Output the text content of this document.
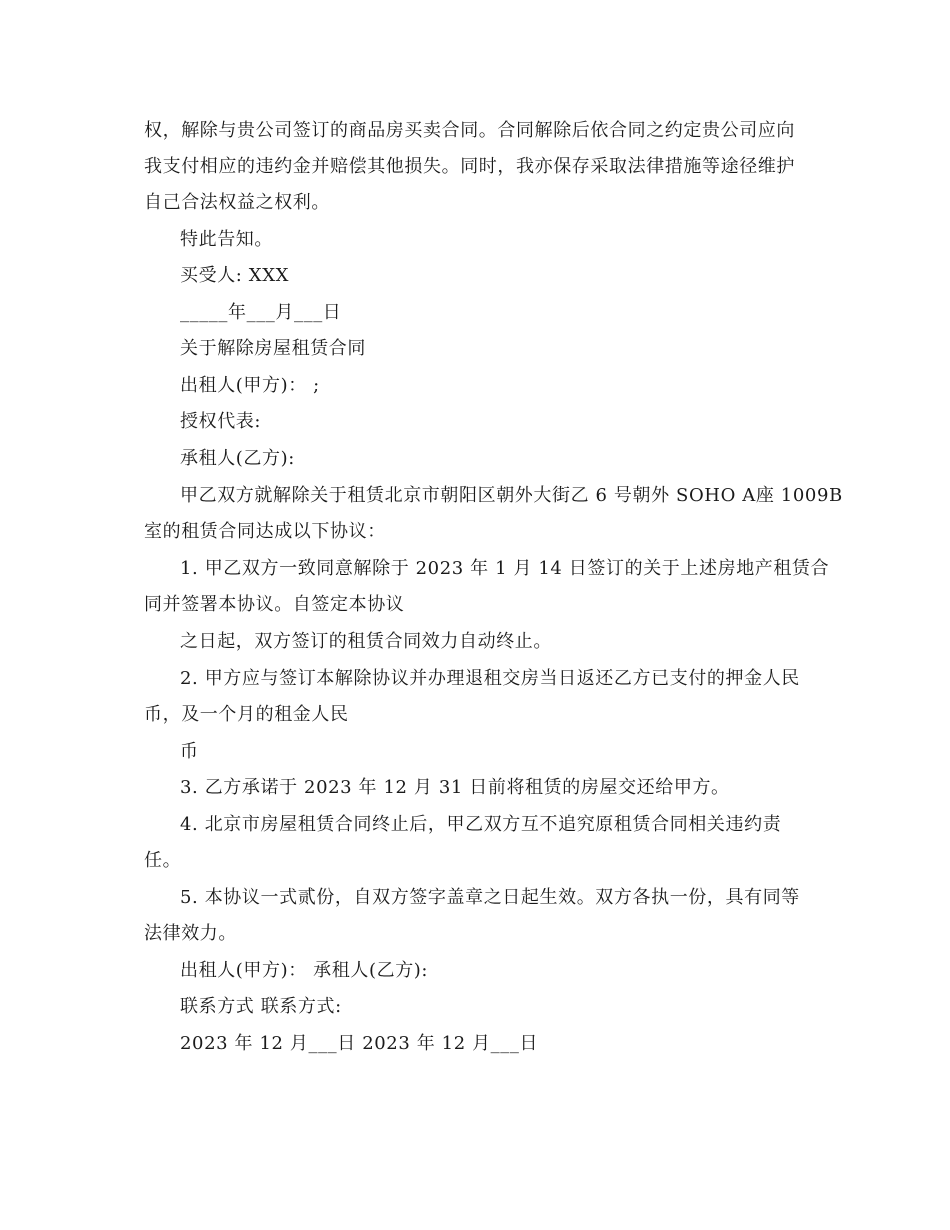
权，解除与贵公司签订的商品房买卖合同。合同解除后依合同之约定贵公司应向
我支付相应的违约金并赔偿其他损失。同时，我亦保存采取法律措施等途径维护
自己合法权益之权利。
特此告知。
买受人: XXX
_____年___月___日
关于解除房屋租赁合同
出租人(甲方)： ;
授权代表:
承租人(乙方):
甲乙双方就解除关于租赁北京市朝阳区朝外大街乙 6 号朝外 SOHO A座 1009B
室的租赁合同达成以下协议：
1. 甲乙双方一致同意解除于 2023 年 1 月 14 日签订的关于上述房地产租赁合
同并签署本协议。自签定本协议
之日起，双方签订的租赁合同效力自动终止。
2. 甲方应与签订本解除协议并办理退租交房当日返还乙方已支付的押金人民
币，及一个月的租金人民
币
3. 乙方承诺于 2023 年 12 月 31 日前将租赁的房屋交还给甲方。
4. 北京市房屋租赁合同终止后，甲乙双方互不追究原租赁合同相关违约责
任。
5. 本协议一式贰份，自双方签字盖章之日起生效。双方各执一份，具有同等
法律效力。
出租人(甲方)： 承租人(乙方):
联系方式 联系方式:
2023 年 12 月___日 2023 年 12 月___日
